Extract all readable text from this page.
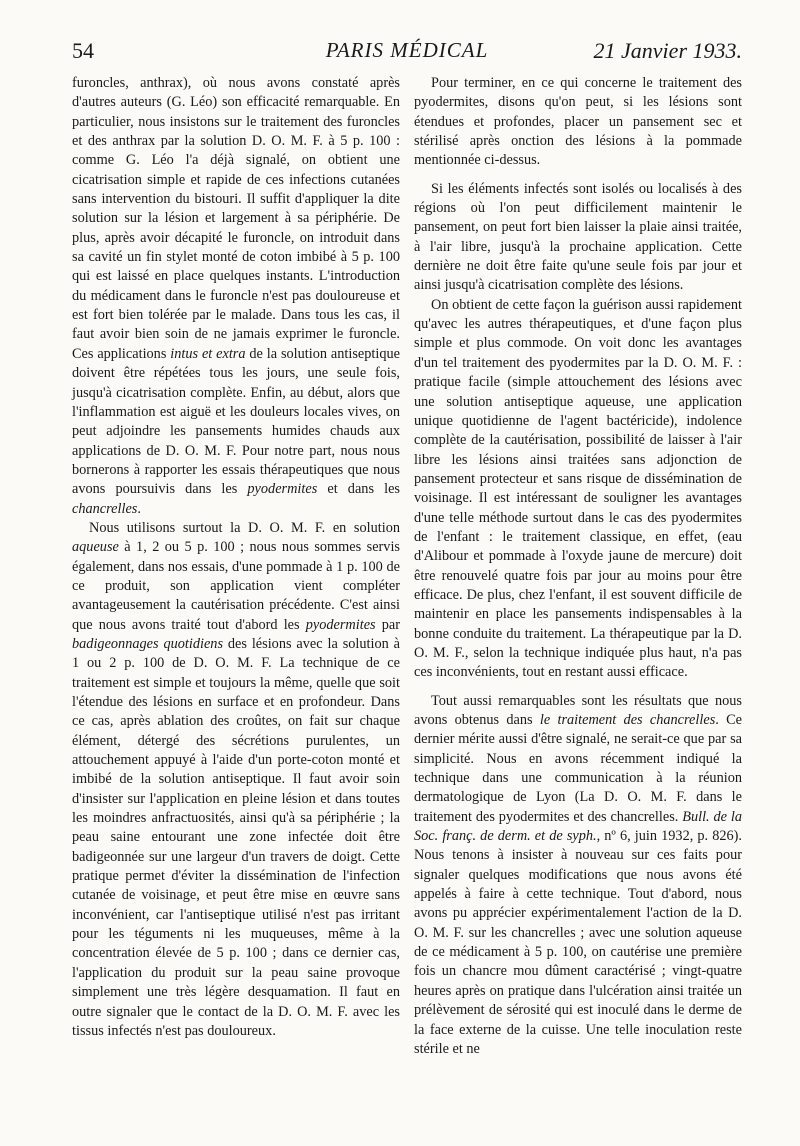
54	PARIS MÉDICAL	21 Janvier 1933.

furoncles, anthrax), où nous avons constaté après d'autres auteurs (G. Léo) son efficacité remarquable. En particulier, nous insistons sur le traitement des furoncles et des anthrax par la solution D. O. M. F. à 5 p. 100 : comme G. Léo l'a déjà signalé, on obtient une cicatrisation simple et rapide de ces infections cutanées sans intervention du bistouri. Il suffit d'appliquer la dite solution sur la lésion et largement à sa périphérie. De plus, après avoir décapité le furoncle, on introduit dans sa cavité un fin stylet monté de coton imbibé à 5 p. 100 qui est laissé en place quelques instants. L'introduction du médicament dans le furoncle n'est pas douloureuse et est fort bien tolérée par le malade. Dans tous les cas, il faut avoir bien soin de ne jamais exprimer le furoncle. Ces applications intus et extra de la solution antiseptique doivent être répétées tous les jours, une seule fois, jusqu'à cicatrisation complète. Enfin, au début, alors que l'inflammation est aiguë et les douleurs locales vives, on peut adjoindre les pansements humides chauds aux applications de D. O. M. F. Pour notre part, nous nous bornerons à rapporter les essais thérapeutiques que nous avons poursuivis dans les pyodermites et dans les chancrelles.

Nous utilisons surtout la D. O. M. F. en solution aqueuse à 1, 2 ou 5 p. 100 ; nous nous sommes servis également, dans nos essais, d'une pommade à 1 p. 100 de ce produit, son application vient compléter avantageusement la cautérisation précédente. C'est ainsi que nous avons traité tout d'abord les pyodermites par badigeonnages quotidiens des lésions avec la solution à 1 ou 2 p. 100 de D. O. M. F. La technique de ce traitement est simple et toujours la même, quelle que soit l'étendue des lésions en surface et en profondeur. Dans ce cas, après ablation des croûtes, on fait sur chaque élément, détergé des sécrétions purulentes, un attouchement appuyé à l'aide d'un porte-coton monté et imbibé de la solution antiseptique. Il faut avoir soin d'insister sur l'application en pleine lésion et dans toutes les moindres anfractuosités, ainsi qu'à sa périphérie ; la peau saine entourant une zone infectée doit être badigeonnée sur une largeur d'un travers de doigt. Cette pratique permet d'éviter la dissémination de l'infection cutanée de voisinage, et peut être mise en œuvre sans inconvénient, car l'antiseptique utilisé n'est pas irritant pour les téguments ni les muqueuses, même à la concentration élevée de 5 p. 100 ; dans ce dernier cas, l'application du produit sur la peau saine provoque simplement une très légère desquamation. Il faut en outre signaler que le contact de la D. O. M. F. avec les tissus infectés n'est pas douloureux.

Pour terminer, en ce qui concerne le traitement des pyodermites, disons qu'on peut, si les lésions sont étendues et profondes, placer un pansement sec et stérilisé après onction des lésions à la pommade mentionnée ci-dessus.

Si les éléments infectés sont isolés ou localisés à des régions où l'on peut difficilement maintenir le pansement, on peut fort bien laisser la plaie ainsi traitée, à l'air libre, jusqu'à la prochaine application. Cette dernière ne doit être faite qu'une seule fois par jour et ainsi jusqu'à cicatrisation complète des lésions.

On obtient de cette façon la guérison aussi rapidement qu'avec les autres thérapeutiques, et d'une façon plus simple et plus commode. On voit donc les avantages d'un tel traitement des pyodermites par la D. O. M. F. : pratique facile (simple attouchement des lésions avec une solution antiseptique aqueuse, une application unique quotidienne de l'agent bactéricide), indolence complète de la cautérisation, possibilité de laisser à l'air libre les lésions ainsi traitées sans adjonction de pansement protecteur et sans risque de dissémination de voisinage. Il est intéressant de souligner les avantages d'une telle méthode surtout dans le cas des pyodermites de l'enfant : le traitement classique, en effet, (eau d'Alibour et pommade à l'oxyde jaune de mercure) doit être renouvelé quatre fois par jour au moins pour être efficace. De plus, chez l'enfant, il est souvent difficile de maintenir en place les pansements indispensables à la bonne conduite du traitement. La thérapeutique par la D. O. M. F., selon la technique indiquée plus haut, n'a pas ces inconvénients, tout en restant aussi efficace.

Tout aussi remarquables sont les résultats que nous avons obtenus dans le traitement des chancrelles. Ce dernier mérite aussi d'être signalé, ne serait-ce que par sa simplicité. Nous en avons récemment indiqué la technique dans une communication à la réunion dermatologique de Lyon (La D. O. M. F. dans le traitement des pyodermites et des chancrelles. Bull. de la Soc. franç. de derm. et de syph., nº 6, juin 1932, p. 826). Nous tenons à insister à nouveau sur ces faits pour signaler quelques modifications que nous avons été appelés à faire à cette technique. Tout d'abord, nous avons pu apprécier expérimentalement l'action de la D. O. M. F. sur les chancrelles ; avec une solution aqueuse de ce médicament à 5 p. 100, on cautérise une première fois un chancre mou dûment caractérisé ; vingt-quatre heures après on pratique dans l'ulcération ainsi traitée un prélèvement de sérosité qui est inoculé dans le derme de la face externe de la cuisse. Une telle inoculation reste stérile et ne
